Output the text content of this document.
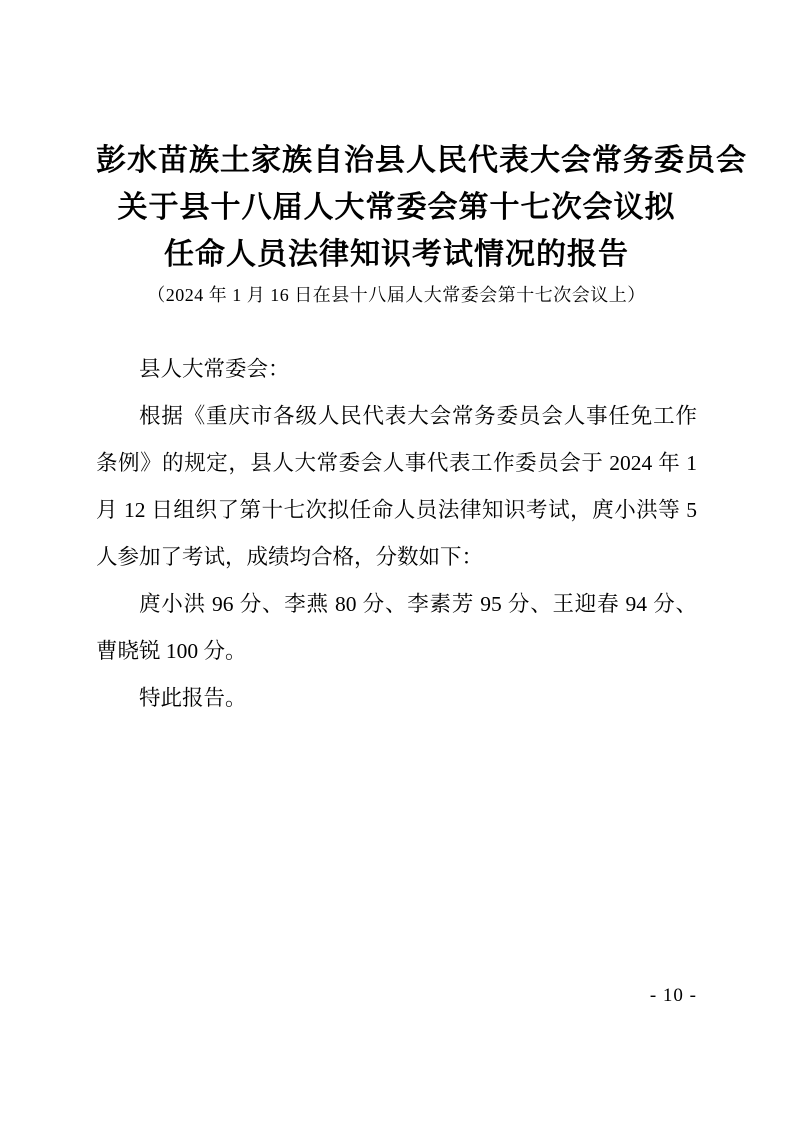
彭水苗族土家族自治县人民代表大会常务委员会
关于县十八届人大常委会第十七次会议拟
任命人员法律知识考试情况的报告
（2024 年 1 月 16 日在县十八届人大常委会第十七次会议上）

县人大常委会：

根据《重庆市各级人民代表大会常务委员会人事任免工作条例》的规定，县人大常委会人事代表工作委员会于 2024 年 1 月 12 日组织了第十七次拟任命人员法律知识考试，庹小洪等 5 人参加了考试，成绩均合格，分数如下：

庹小洪 96 分、李燕 80 分、李素芳 95 分、王迎春 94 分、曹晓锐 100 分。

特此报告。

- 10 -
